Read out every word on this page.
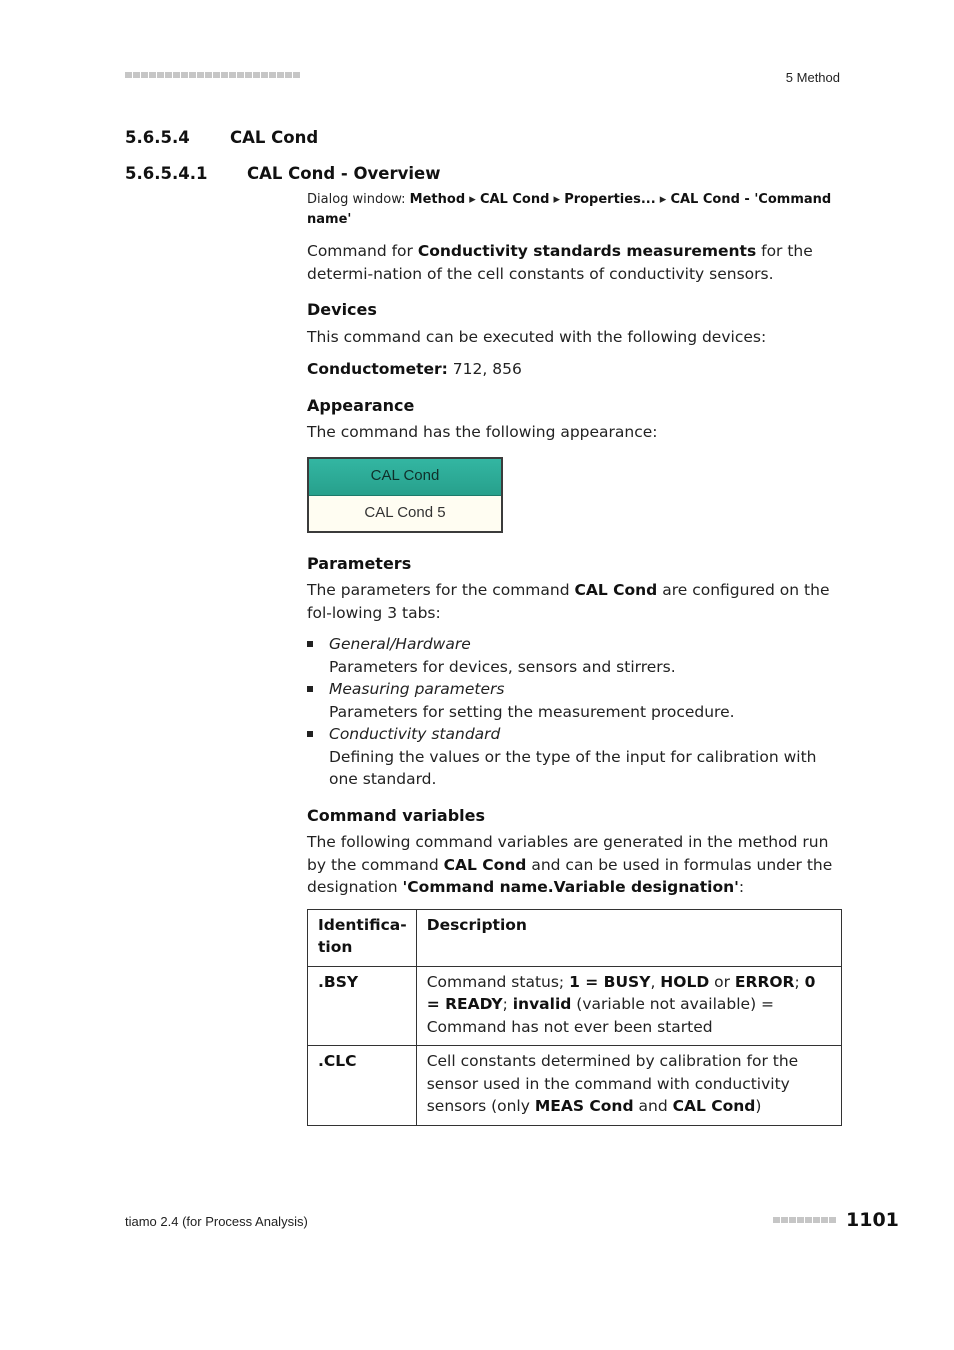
5 Method
5.6.5.4 CAL Cond
5.6.5.4.1 CAL Cond - Overview

Dialog window: Method ▸ CAL Cond ▸ Properties... ▸ CAL Cond - 'Command name'

Command for Conductivity standards measurements for the determi-nation of the cell constants of conductivity sensors.

Devices

This command can be executed with the following devices:

Conductometer: 712, 856

Appearance

The command has the following appearance:

CAL Cond
CAL Cond 5

Parameters

The parameters for the command CAL Cond are configured on the fol-lowing 3 tabs:

General/Hardware
Parameters for devices, sensors and stirrers.
Measuring parameters
Parameters for setting the measurement procedure.
Conductivity standard
Defining the values or the type of the input for calibration with one standard.

Command variables

The following command variables are generated in the method run by the command CAL Cond and can be used in formulas under the designation 'Command name.Variable designation':

Identifica-tion	Description
.BSY	Command status; 1 = BUSY, HOLD or ERROR; 0 = READY; invalid (variable not available) = Command has not ever been started
.CLC	Cell constants determined by calibration for the sensor used in the command with conductivity sensors (only MEAS Cond and CAL Cond)
tiamo 2.4 (for Process Analysis)	1101
